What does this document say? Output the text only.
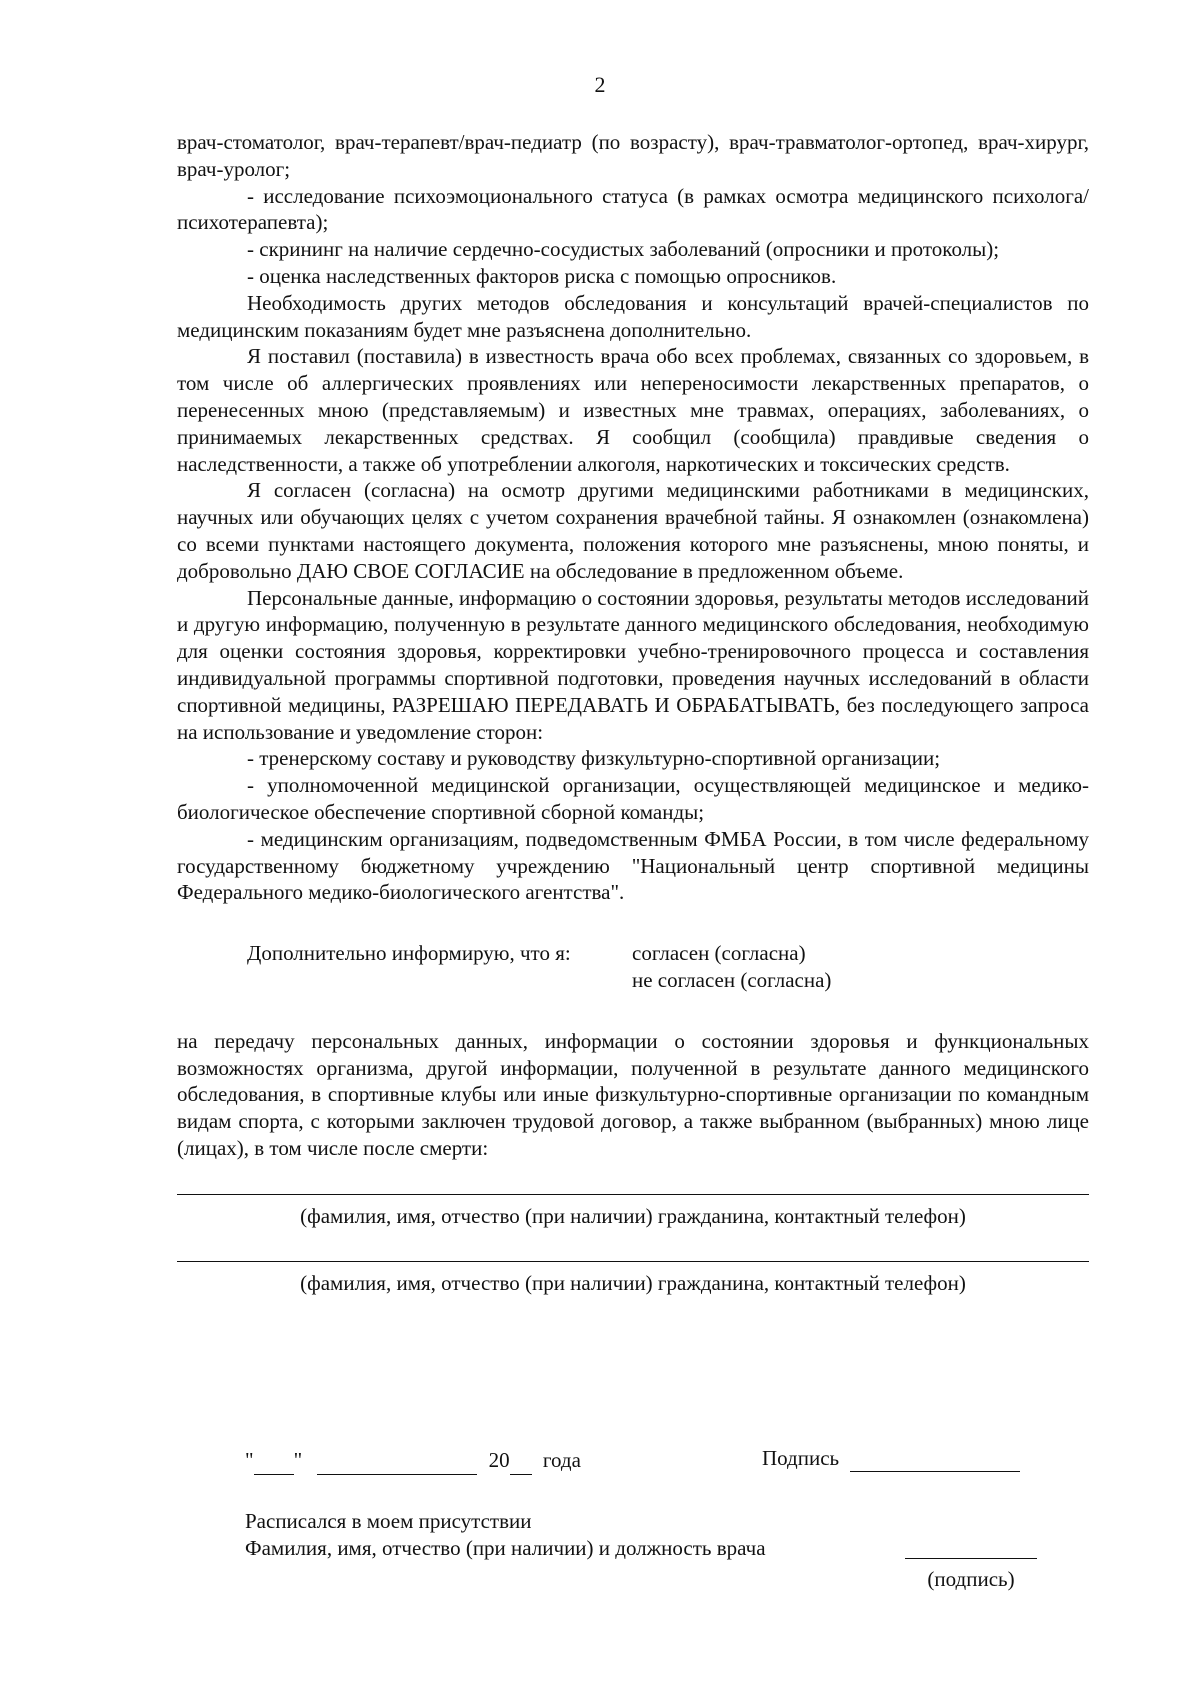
2

врач-стоматолог, врач-терапевт/врач-педиатр (по возрасту), врач-травматолог-ортопед, врач-хирург, врач-уролог;

- исследование психоэмоционального статуса (в рамках осмотра медицинского психолога/психотерапевта);

- скрининг на наличие сердечно-сосудистых заболеваний (опросники и протоколы);

- оценка наследственных факторов риска с помощью опросников.

Необходимость других методов обследования и консультаций врачей-специалистов по медицинским показаниям будет мне разъяснена дополнительно.

Я поставил (поставила) в известность врача обо всех проблемах, связанных со здоровьем, в том числе об аллергических проявлениях или непереносимости лекарственных препаратов, о перенесенных мною (представляемым) и известных мне травмах, операциях, заболеваниях, о принимаемых лекарственных средствах. Я сообщил (сообщила) правдивые сведения о наследственности, а также об употреблении алкоголя, наркотических и токсических средств.

Я согласен (согласна) на осмотр другими медицинскими работниками в медицинских, научных или обучающих целях с учетом сохранения врачебной тайны. Я ознакомлен (ознакомлена) со всеми пунктами настоящего документа, положения которого мне разъяснены, мною поняты, и добровольно ДАЮ СВОЕ СОГЛАСИЕ на обследование в предложенном объеме.

Персональные данные, информацию о состоянии здоровья, результаты методов исследований и другую информацию, полученную в результате данного медицинского обследования, необходимую для оценки состояния здоровья, корректировки учебно-тренировочного процесса и составления индивидуальной программы спортивной подготовки, проведения научных исследований в области спортивной медицины, РАЗРЕШАЮ ПЕРЕДАВАТЬ И ОБРАБАТЫВАТЬ, без последующего запроса на использование и уведомление сторон:

- тренерскому составу и руководству физкультурно-спортивной организации;

- уполномоченной медицинской организации, осуществляющей медицинское и медико-биологическое обеспечение спортивной сборной команды;

- медицинским организациям, подведомственным ФМБА России, в том числе федеральному государственному бюджетному учреждению "Национальный центр спортивной медицины Федерального медико-биологического агентства".

Дополнительно информирую, что я:	согласен (согласна)
не согласен (согласна)

на передачу персональных данных, информации о состоянии здоровья и функциональных возможностях организма, другой информации, полученной в результате данного медицинского обследования, в спортивные клубы или иные физкультурно-спортивные организации по командным видам спорта, с которыми заключен трудовой договор, а также выбранном (выбранных) мною лице (лицах), в том числе после смерти:

(фамилия, имя, отчество (при наличии) гражданина, контактный телефон)
(фамилия, имя, отчество (при наличии) гражданина, контактный телефон)
" "	20 года	Подпись
Расписался в моем присутствии
Фамилия, имя, отчество (при наличии) и должность врача
(подпись)
